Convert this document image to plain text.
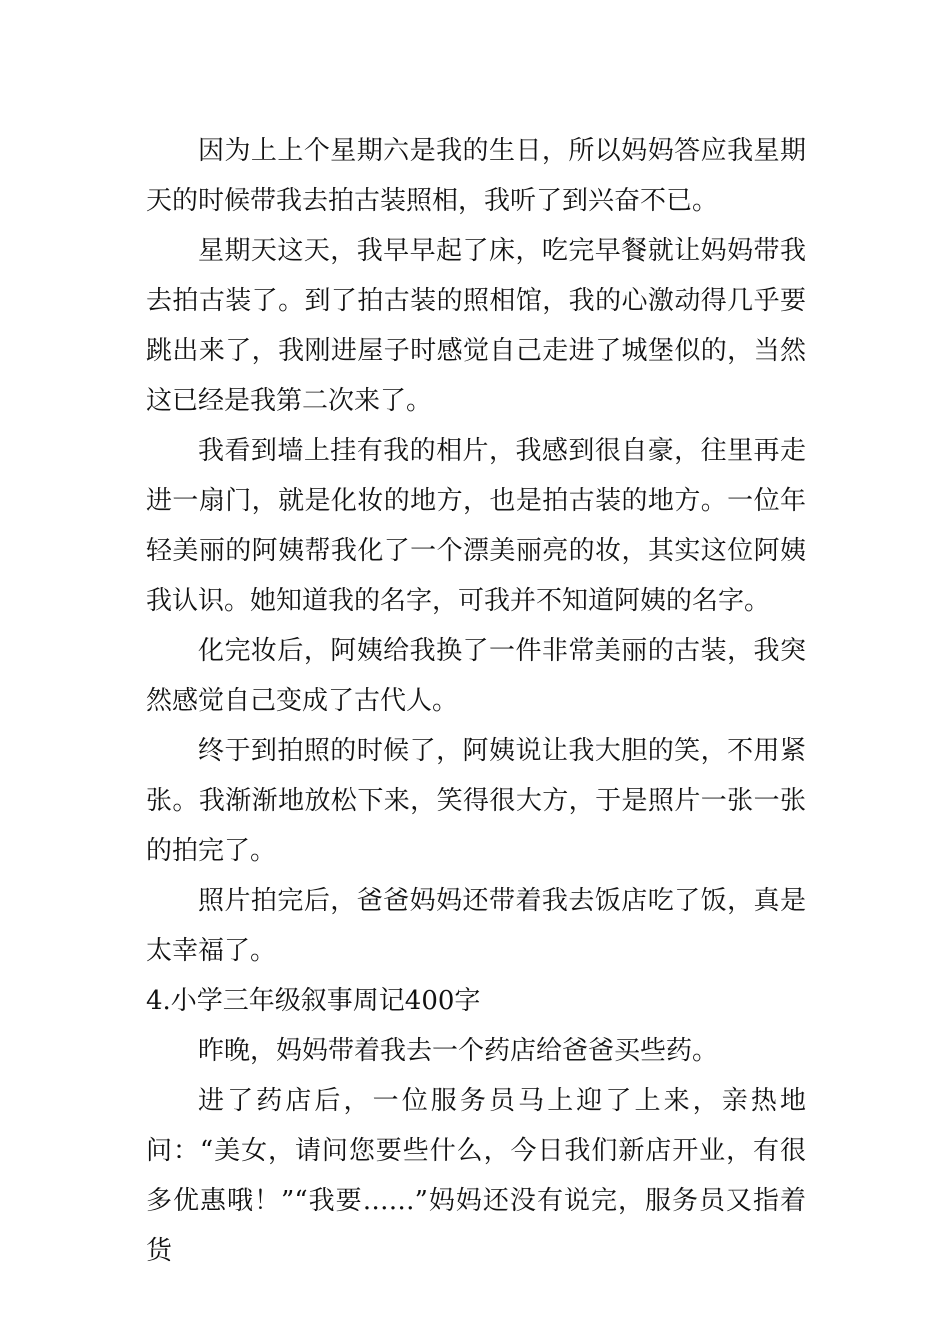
因为上上个星期六是我的生日，所以妈妈答应我星期天的时候带我去拍古装照相，我听了到兴奋不已。

星期天这天，我早早起了床，吃完早餐就让妈妈带我去拍古装了。到了拍古装的照相馆，我的心激动得几乎要跳出来了，我刚进屋子时感觉自己走进了城堡似的，当然这已经是我第二次来了。

我看到墙上挂有我的相片，我感到很自豪，往里再走进一扇门，就是化妆的地方，也是拍古装的地方。一位年轻美丽的阿姨帮我化了一个漂美丽亮的妆，其实这位阿姨我认识。她知道我的名字，可我并不知道阿姨的名字。

化完妆后，阿姨给我换了一件非常美丽的古装，我突然感觉自己变成了古代人。

终于到拍照的时候了，阿姨说让我大胆的笑，不用紧张。我渐渐地放松下来，笑得很大方，于是照片一张一张的拍完了。

照片拍完后，爸爸妈妈还带着我去饭店吃了饭，真是太幸福了。

4.小学三年级叙事周记400字

昨晚，妈妈带着我去一个药店给爸爸买些药。

进了药店后，一位服务员马上迎了上来，亲热地问：“美女，请问您要些什么，今日我们新店开业，有很多优惠哦！”“我要……”妈妈还没有说完，服务员又指着货
